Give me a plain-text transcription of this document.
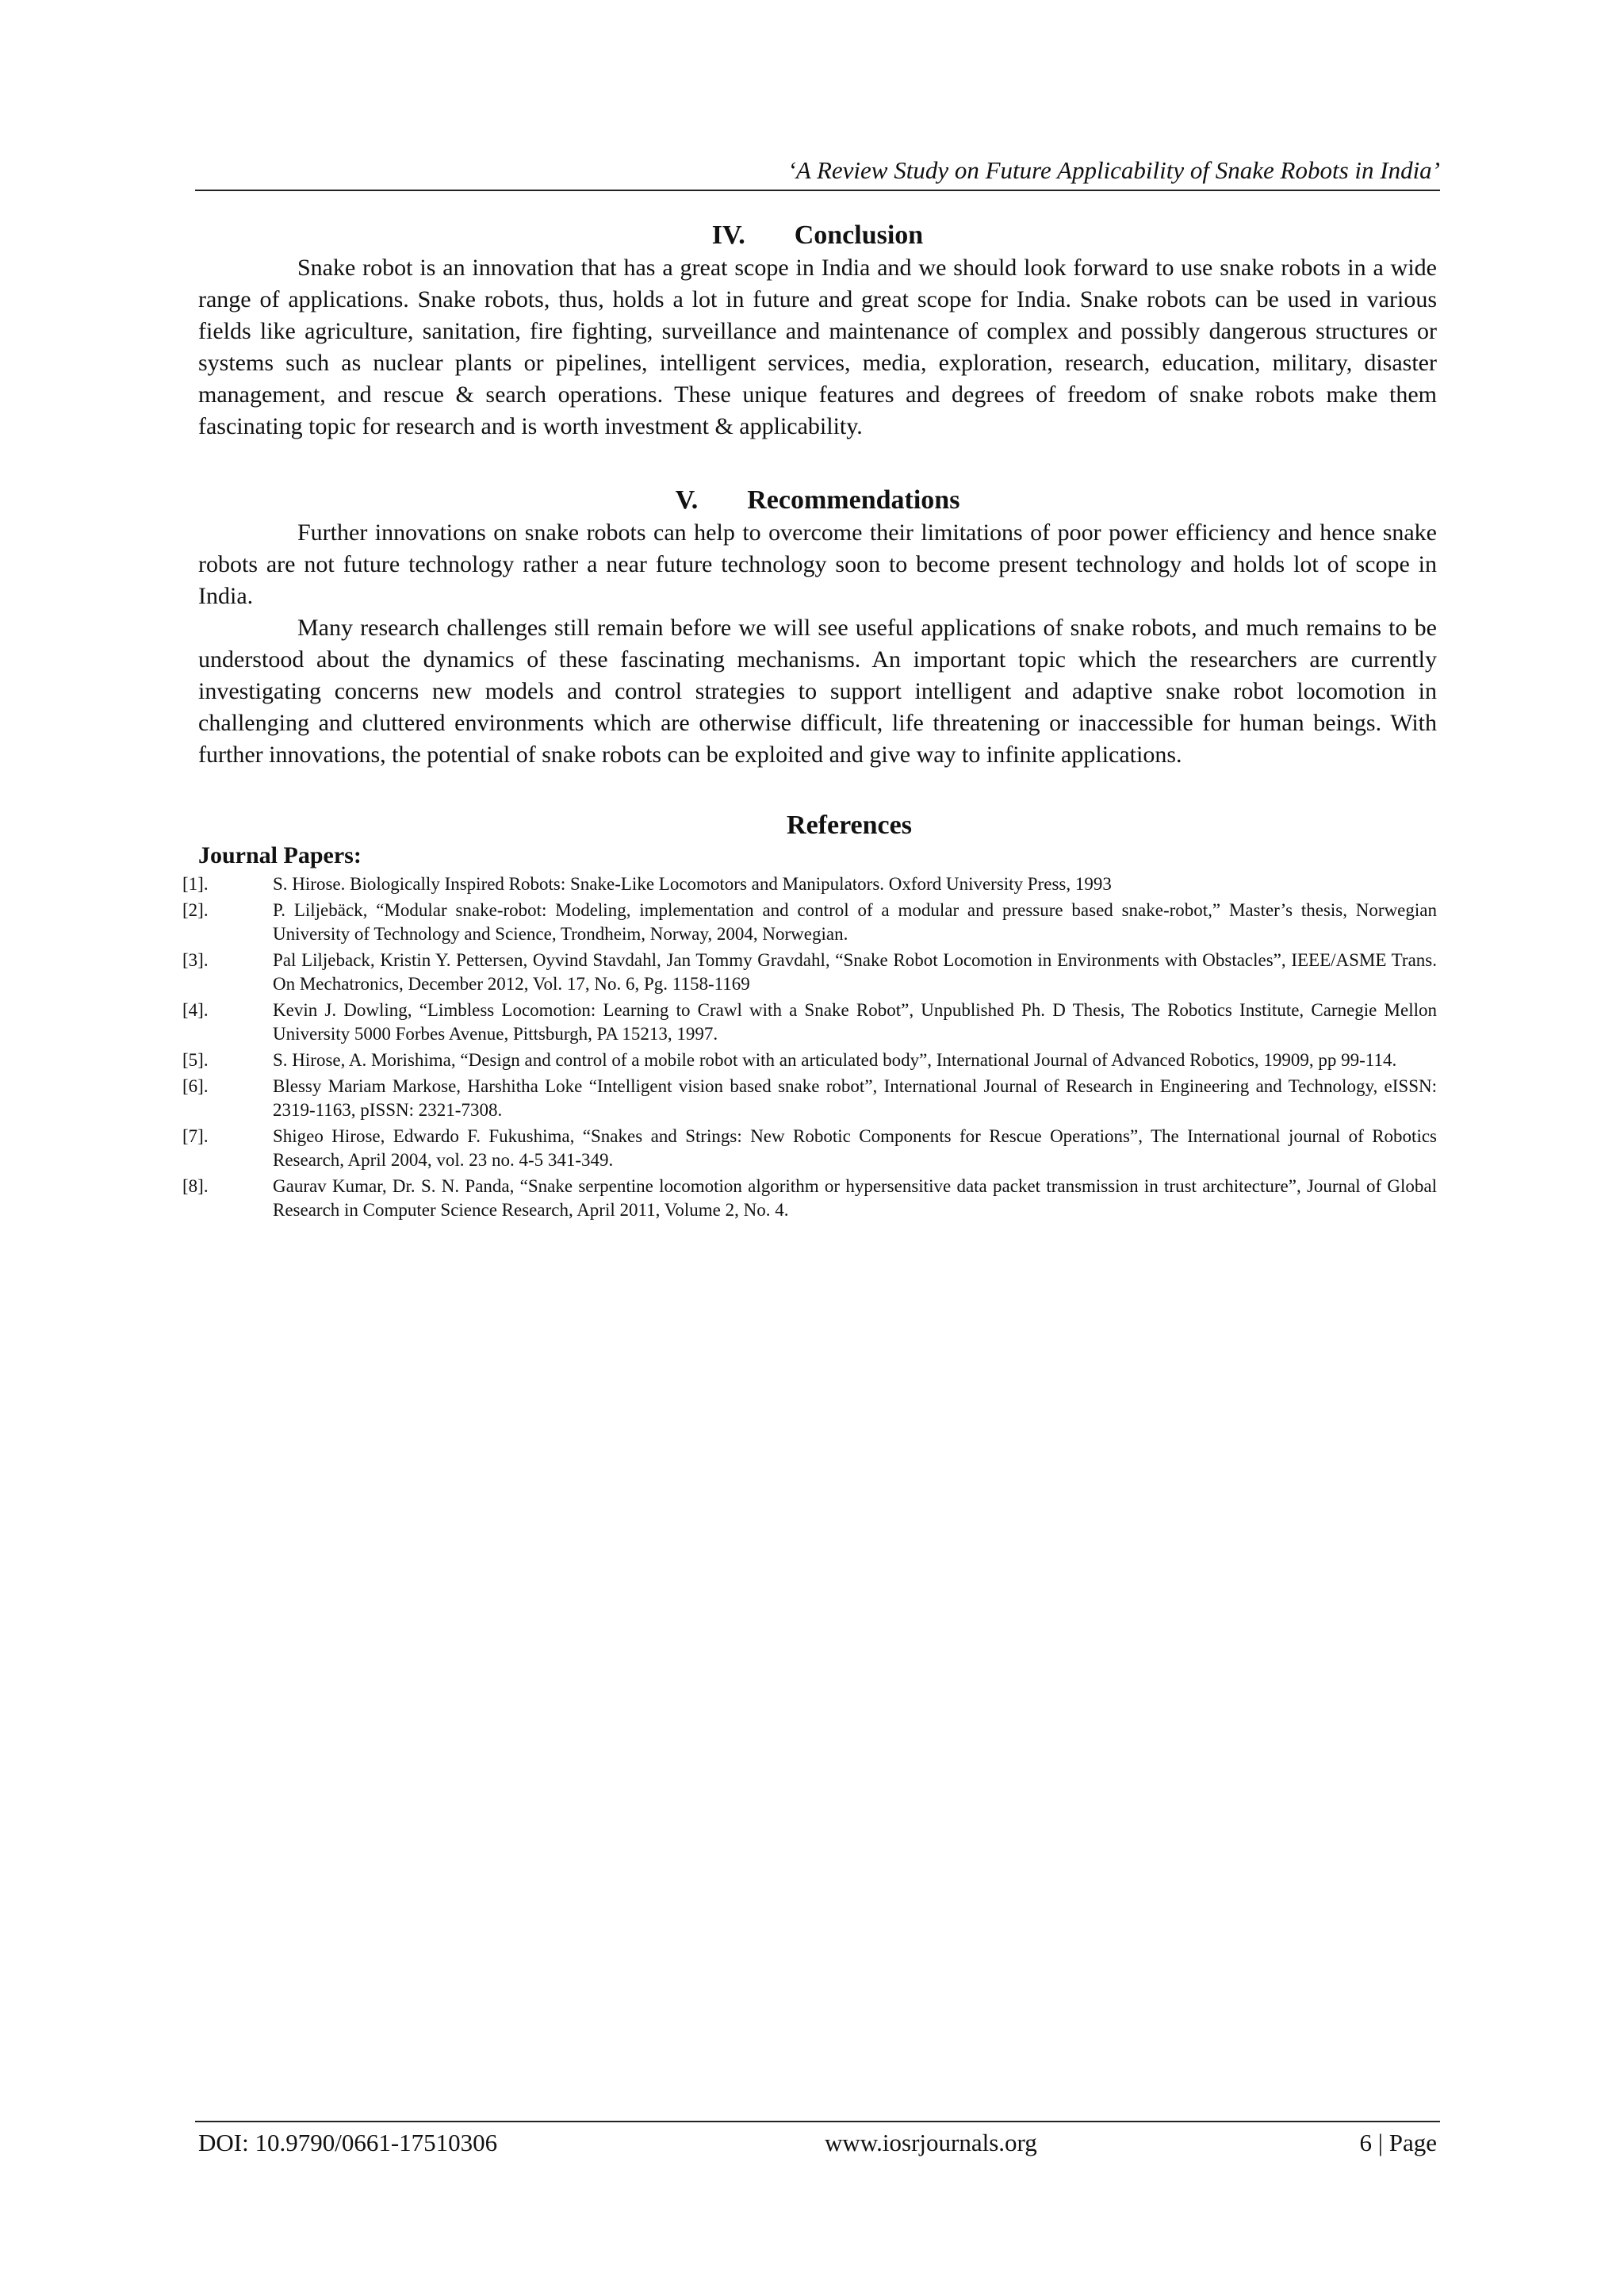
‘A Review Study on Future Applicability of Snake Robots in India’
IV. Conclusion

Snake robot is an innovation that has a great scope in India and we should look forward to use snake robots in a wide range of applications. Snake robots, thus, holds a lot in future and great scope for India. Snake robots can be used in various fields like agriculture, sanitation, fire fighting, surveillance and maintenance of complex and possibly dangerous structures or systems such as nuclear plants or pipelines, intelligent services, media, exploration, research, education, military, disaster management, and rescue & search operations. These unique features and degrees of freedom of snake robots make them fascinating topic for research and is worth investment & applicability.

V. Recommendations

Further innovations on snake robots can help to overcome their limitations of poor power efficiency and hence snake robots are not future technology rather a near future technology soon to become present technology and holds lot of scope in India.

Many research challenges still remain before we will see useful applications of snake robots, and much remains to be understood about the dynamics of these fascinating mechanisms. An important topic which the researchers are currently investigating concerns new models and control strategies to support intelligent and adaptive snake robot locomotion in challenging and cluttered environments which are otherwise difficult, life threatening or inaccessible for human beings. With further innovations, the potential of snake robots can be exploited and give way to infinite applications.

References
Journal Papers:
[1].	S. Hirose. Biologically Inspired Robots: Snake-Like Locomotors and Manipulators. Oxford University Press, 1993
[2].	P. Liljebäck, “Modular snake-robot: Modeling, implementation and control of a modular and pressure based snake-robot,” Master’s thesis, Norwegian University of Technology and Science, Trondheim, Norway, 2004, Norwegian.
[3].	Pal Liljeback, Kristin Y. Pettersen, Oyvind Stavdahl, Jan Tommy Gravdahl, “Snake Robot Locomotion in Environments with Obstacles”, IEEE/ASME Trans. On Mechatronics, December 2012, Vol. 17, No. 6, Pg. 1158-1169
[4].	Kevin J. Dowling, “Limbless Locomotion: Learning to Crawl with a Snake Robot”, Unpublished Ph. D Thesis, The Robotics Institute, Carnegie Mellon University 5000 Forbes Avenue, Pittsburgh, PA 15213, 1997.
[5].	S. Hirose, A. Morishima, “Design and control of a mobile robot with an articulated body”, International Journal of Advanced Robotics, 19909, pp 99-114.
[6].	Blessy Mariam Markose, Harshitha Loke “Intelligent vision based snake robot”, International Journal of Research in Engineering and Technology, eISSN: 2319-1163, pISSN: 2321-7308.
[7].	Shigeo Hirose, Edwardo F. Fukushima, “Snakes and Strings: New Robotic Components for Rescue Operations”, The International journal of Robotics Research, April 2004, vol. 23 no. 4-5 341-349.
[8].	Gaurav Kumar, Dr. S. N. Panda, “Snake serpentine locomotion algorithm or hypersensitive data packet transmission in trust architecture”, Journal of Global Research in Computer Science Research, April 2011, Volume 2, No. 4.
DOI: 10.9790/0661-17510306	www.iosrjournals.org	6 | Page
